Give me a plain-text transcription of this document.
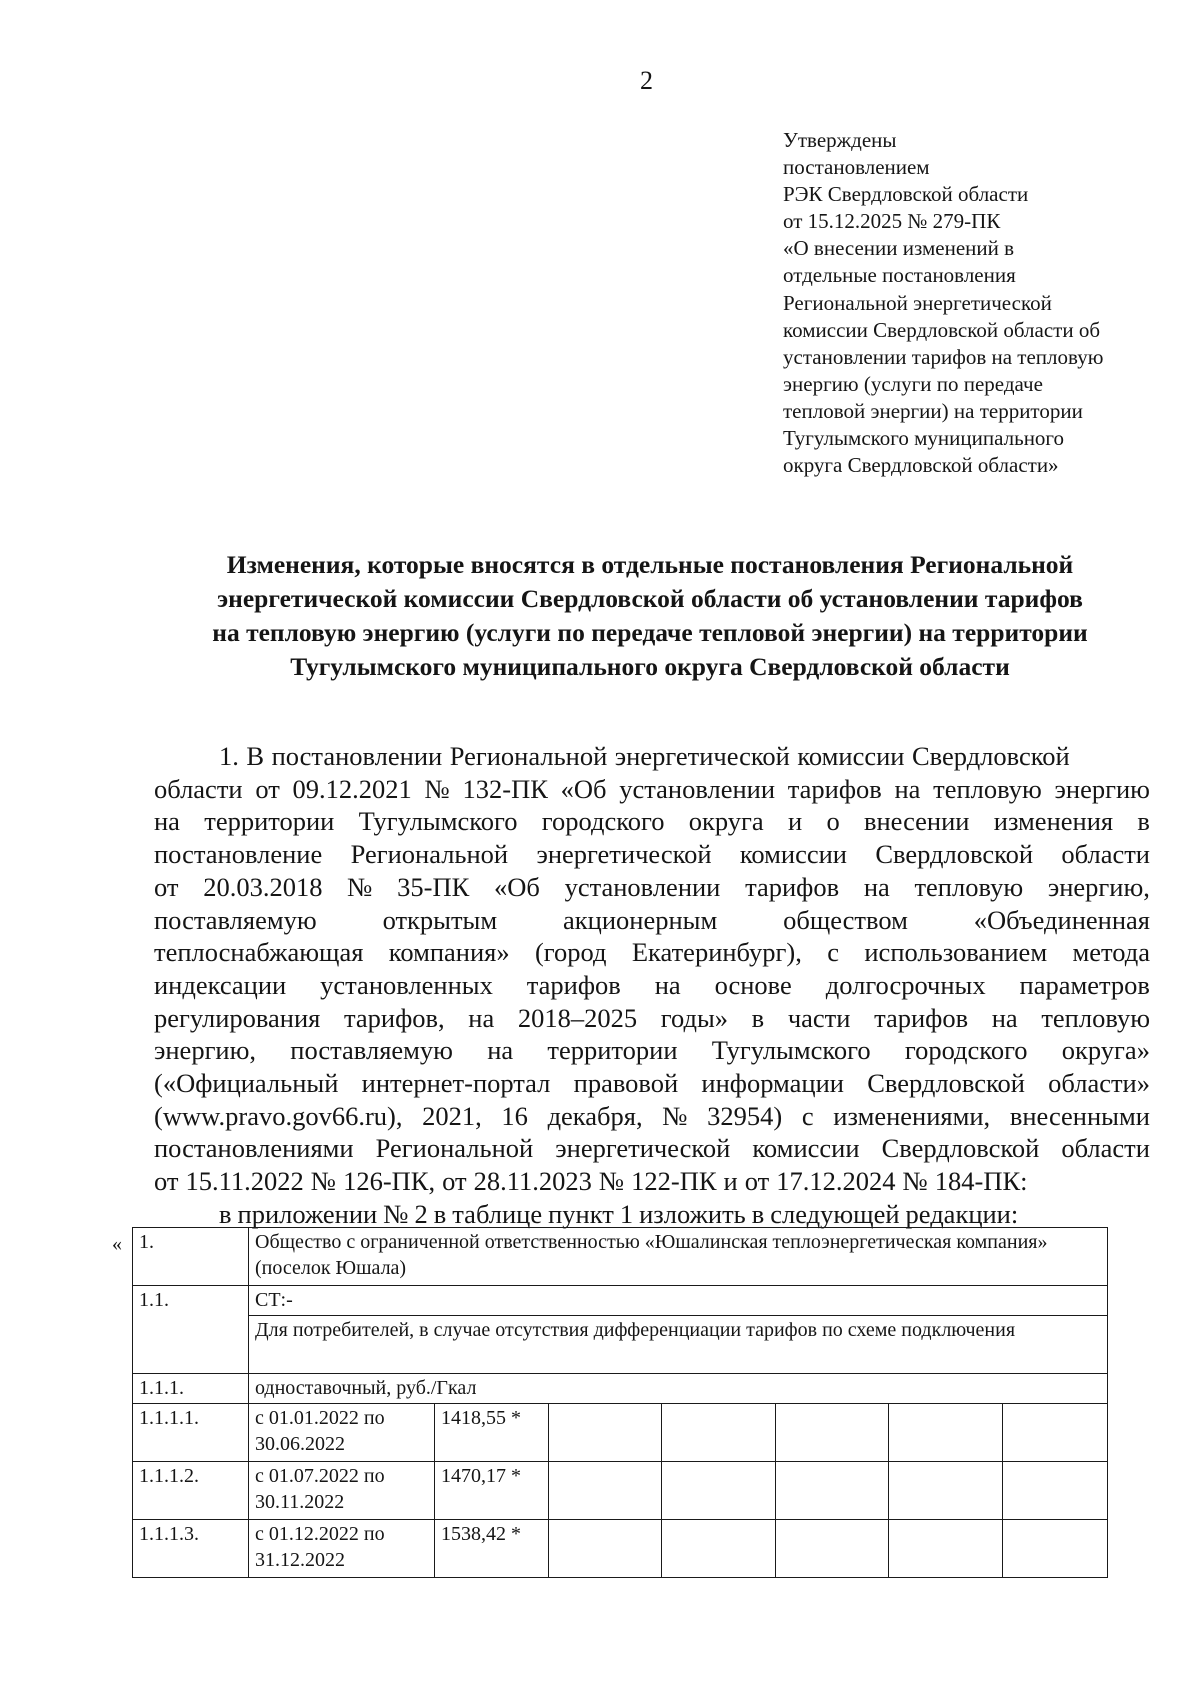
2
Утверждены
постановлением
РЭК Свердловской области
от 15.12.2025 № 279-ПК
«О внесении изменений в
отдельные постановления
Региональной энергетической
комиссии Свердловской области об
установлении тарифов на тепловую
энергию (услуги по передаче
тепловой энергии) на территории
Тугулымского муниципального
округа Свердловской области»
Изменения, которые вносятся в отдельные постановления Региональной
энергетической комиссии Свердловской области об установлении тарифов
на тепловую энергию (услуги по передаче тепловой энергии) на территории
Тугулымского муниципального округа Свердловской области
1. В постановлении Региональной энергетической комиссии Свердловской
области от 09.12.2021 № 132-ПК «Об установлении тарифов на тепловую энергию
на территории Тугулымского городского округа и о внесении изменения в
постановление Региональной энергетической комиссии Свердловской области
от 20.03.2018 № 35-ПК «Об установлении тарифов на тепловую энергию,
поставляемую открытым акционерным обществом «Объединенная
теплоснабжающая компания» (город Екатеринбург), с использованием метода
индексации установленных тарифов на основе долгосрочных параметров
регулирования тарифов, на 2018–2025 годы» в части тарифов на тепловую
энергию, поставляемую на территории Тугулымского городского округа»
(«Официальный интернет-портал правовой информации Свердловской области»
(www.pravo.gov66.ru), 2021, 16 декабря, № 32954) с изменениями, внесенными
постановлениями Региональной энергетической комиссии Свердловской области
от 15.11.2022 № 126-ПК, от 28.11.2023 № 122-ПК и от 17.12.2024 № 184-ПК:
в приложении № 2 в таблице пункт 1 изложить в следующей редакции:
« 1.	Общество с ограниченной ответственностью «Юшалинская теплоэнергетическая компания» (поселок Юшала)						
1.1.	СТ:-						
	Для потребителей, в случае отсутствия дифференциации тарифов по схеме подключения						
1.1.1.	одноставочный, руб./Гкал						
1.1.1.1.	с 01.01.2022 по 30.06.2022	1418,55 *					
1.1.1.2.	с 01.07.2022 по 30.11.2022	1470,17 *					
1.1.1.3.	с 01.12.2022 по 31.12.2022	1538,42 *					
